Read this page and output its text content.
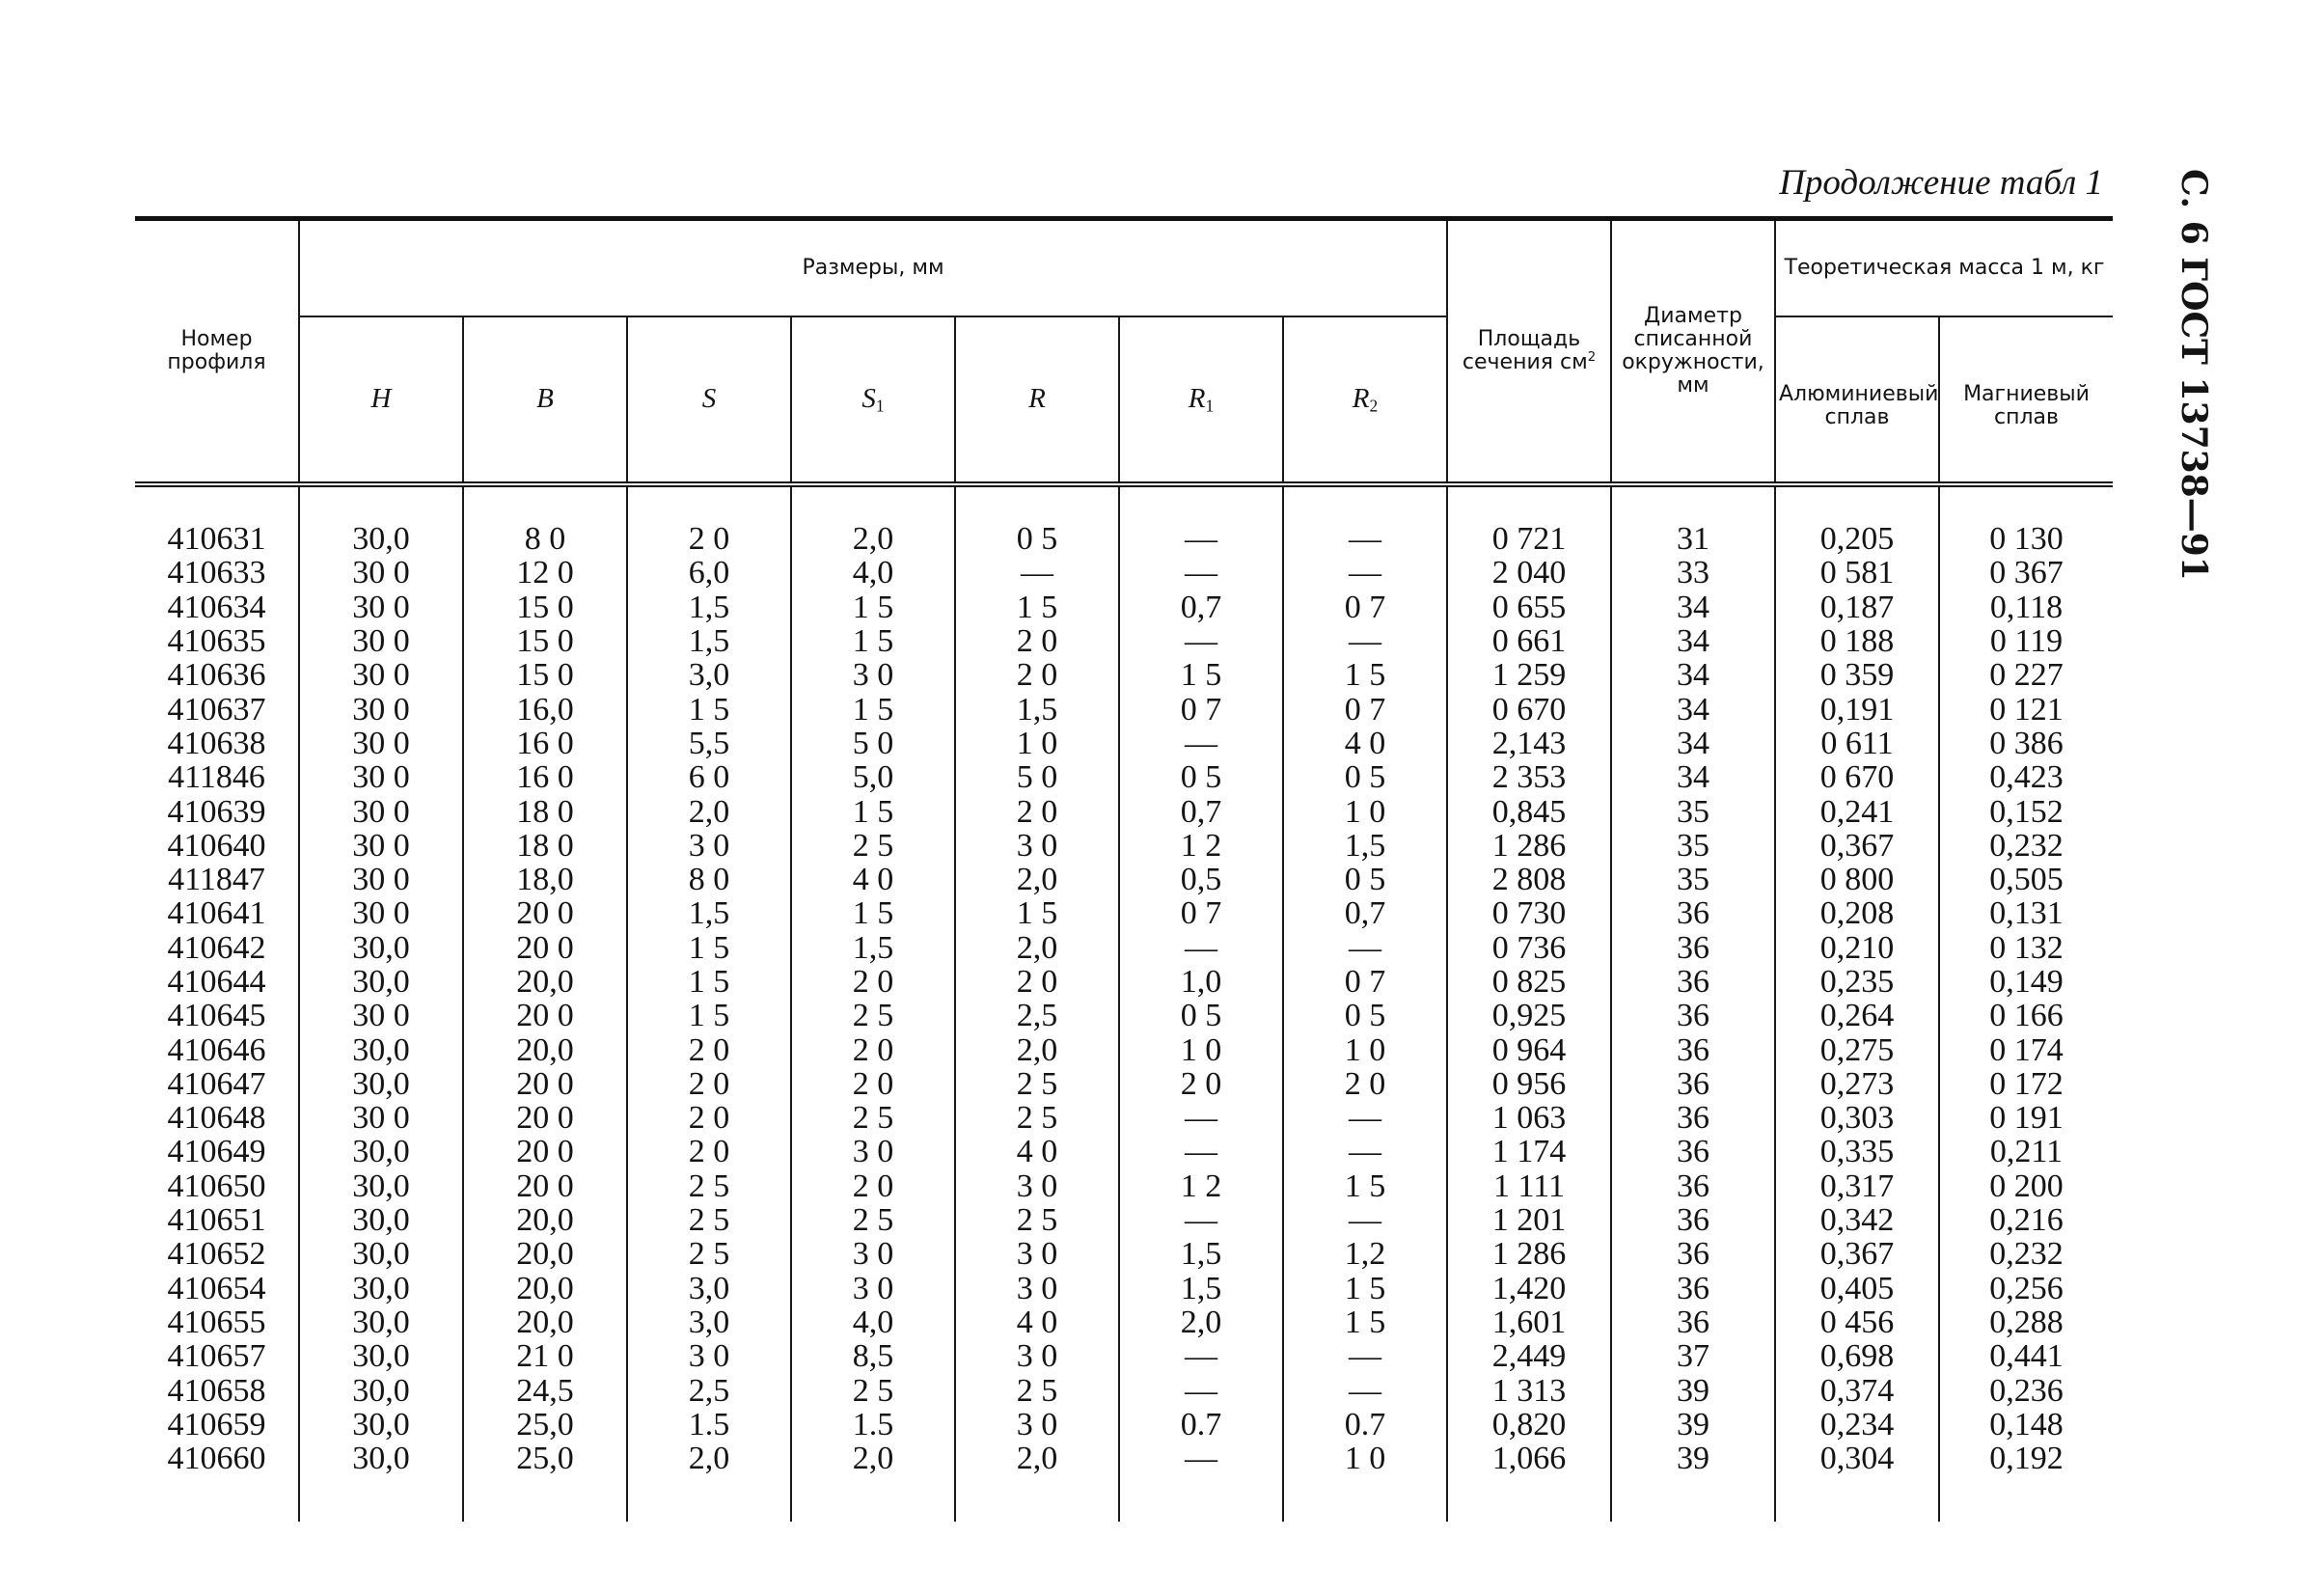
Продолжение табл 1 С. 6 ГОСТ 13738—91
Номер профиля	Размеры, мм							Площадь сечения $см^2$	Диаметр списанной окружности, мм	Теоретическая масса 1 м, кг	
	H	В	S	$S_1$	R	$R_1$	$R_2$			Алюминиевый сплав	Магниевый сплав

410631	30,0	8 0	2 0	2,0	0 5	—	—	0 721	31	0,205	0 130
410633	30 0	12 0	6,0	4,0	—	—	—	2 040	33	0 581	0 367
410634	30 0	15 0	1,5	1 5	1 5	0,7	0 7	0 655	34	0,187	0,118
410635	30 0	15 0	1,5	1 5	2 0	—	—	0 661	34	0 188	0 119
410636	30 0	15 0	3,0	3 0	2 0	1 5	1 5	1 259	34	0 359	0 227
410637	30 0	16,0	1 5	1 5	1,5	0 7	0 7	0 670	34	0,191	0 121
410638	30 0	16 0	5,5	5 0	1 0	—	4 0	2,143	34	0 611	0 386
411846	30 0	16 0	6 0	5,0	5 0	0 5	0 5	2 353	34	0 670	0,423
410639	30 0	18 0	2,0	1 5	2 0	0,7	1 0	0,845	35	0,241	0,152
410640	30 0	18 0	3 0	2 5	3 0	1 2	1,5	1 286	35	0,367	0,232
411847	30 0	18,0	8 0	4 0	2,0	0,5	0 5	2 808	35	0 800	0,505
410641	30 0	20 0	1,5	1 5	1 5	0 7	0,7	0 730	36	0,208	0,131
410642	30,0	20 0	1 5	1,5	2,0	—	—	0 736	36	0,210	0 132
410644	30,0	20,0	1 5	2 0	2 0	1,0	0 7	0 825	36	0,235	0,149
410645	30 0	20 0	1 5	2 5	2,5	0 5	0 5	0,925	36	0,264	0 166
410646	30,0	20,0	2 0	2 0	2,0	1 0	1 0	0 964	36	0,275	0 174
410647	30,0	20 0	2 0	2 0	2 5	2 0	2 0	0 956	36	0,273	0 172
410648	30 0	20 0	2 0	2 5	2 5	—	—	1 063	36	0,303	0 191
410649	30,0	20 0	2 0	3 0	4 0	—	—	1 174	36	0,335	0,211
410650	30,0	20 0	2 5	2 0	3 0	1 2	1 5	1 111	36	0,317	0 200
410651	30,0	20,0	2 5	2 5	2 5	—	—	1 201	36	0,342	0,216
410652	30,0	20,0	2 5	3 0	3 0	1,5	1,2	1 286	36	0,367	0,232
410654	30,0	20,0	3,0	3 0	3 0	1,5	1 5	1,420	36	0,405	0,256
410655	30,0	20,0	3,0	4,0	4 0	2,0	1 5	1,601	36	0 456	0,288
410657	30,0	21 0	3 0	8,5	3 0	—	—	2,449	37	0,698	0,441
410658	30,0	24,5	2,5	2 5	2 5	—	—	1 313	39	0,374	0,236
410659	30,0	25,0	1.5	1.5	3 0	0.7	0.7	0,820	39	0,234	0,148
410660	30,0	25,0	2,0	2,0	2,0	—	1 0	1,066	39	0,304	0,192
